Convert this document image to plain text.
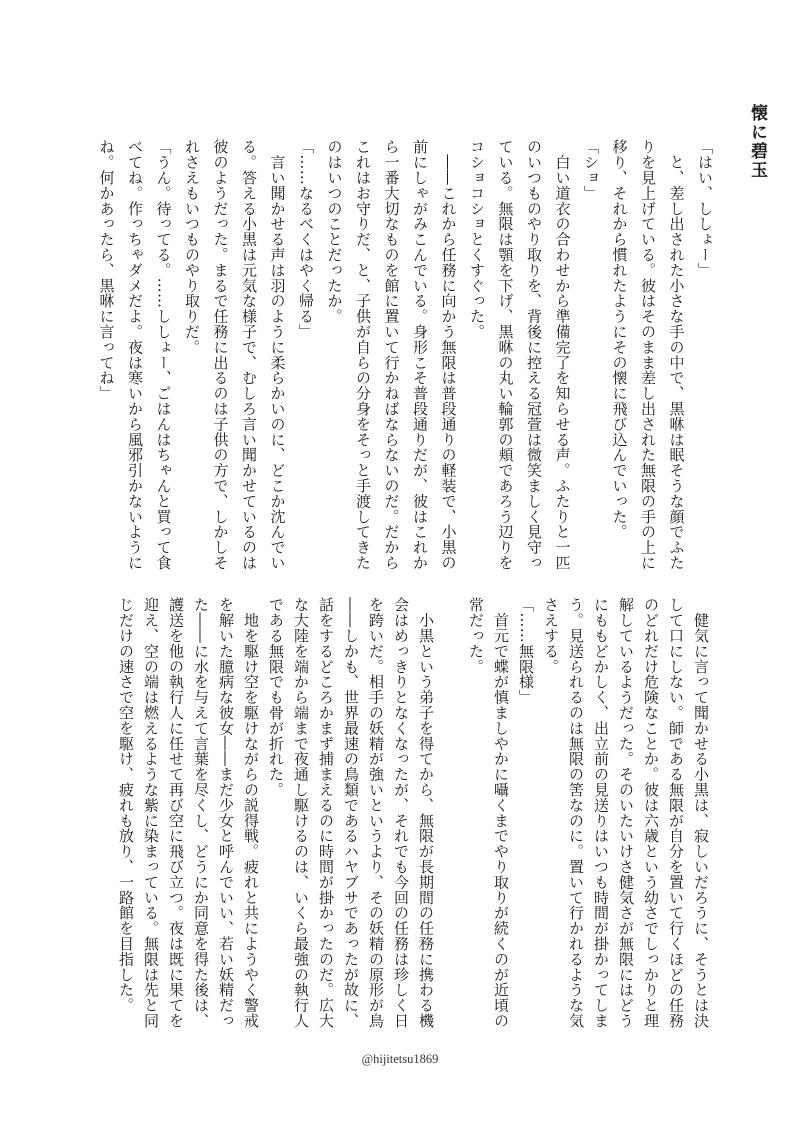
懐に碧玉
「はい、ししょー」
　と、差し出された小さな手の中で、黒咻は眠そうな顔でふた
りを見上げている。彼はそのまま差し出された無限の手の上に
移り、それから慣れたようにその懐に飛び込んでいった。
「ショ」
　白い道衣の合わせから準備完了を知らせる声。ふたりと一匹
のいつものやり取りを、背後に控える冠萱は微笑ましく見守っ
ている。無限は顎を下げ、黒咻の丸い輪郭の頬であろう辺りを
コショコショとくすぐった。
　――これから任務に向かう無限は普段通りの軽装で、小黒の
前にしゃがみこんでいる。身形こそ普段通りだが、彼はこれか
ら一番大切なものを館に置いて行かねばならないのだ。だから
これはお守りだ、と、子供が自らの分身をそっと手渡してきた
のはいつのことだったか。
「……なるべくはやく帰る」
　言い聞かせる声は羽のように柔らかいのに、どこか沈んでい
る。答える小黒は元気な様子で、むしろ言い聞かせているのは
彼のようだった。まるで任務に出るのは子供の方で、しかしそ
れさえもいつものやり取りだ。
「うん。待ってる。……ししょー、ごはんはちゃんと買って食
べてね。作っちゃダメだよ。夜は寒いから風邪引かないように
ね。何かあったら、黒咻に言ってね」
　健気に言って聞かせる小黒は、寂しいだろうに、そうとは決
して口にしない。師である無限が自分を置いて行くほどの任務
のどれだけ危険なことか。彼は六歳という幼さでしっかりと理
解しているようだった。そのいたいけさ健気さが無限にはどう
にももどかしく、出立前の見送りはいつも時間が掛かってしま
う。見送られるのは無限の筈なのに。置いて行かれるような気
さえする。
「……無限様」
　首元で蝶が慎ましやかに囁くまでやり取りが続くのが近頃の
常だった。
　小黒という弟子を得てから、無限が長期間の任務に携わる機
会はめっきりとなくなったが、それでも今回の任務は珍しく日
を跨いだ。相手の妖精が強いというより、その妖精の原形が鳥
――しかも、世界最速の鳥類であるハヤブサであったが故に、
話をするどころかまず捕まえるのに時間が掛かったのだ。広大
な大陸を端から端まで夜通し駆けるのは、いくら最強の執行人
である無限でも骨が折れた。
　地を駆け空を駆けながらの説得戦。疲れと共にようやく警戒
を解いた臆病な彼女――まだ少女と呼んでいい、若い妖精だっ
た――に水を与えて言葉を尽くし、どうにか同意を得た後は、
護送を他の執行人に任せて再び空に飛び立つ。夜は既に果てを
迎え、空の端は燃えるような紫に染まっている。無限は先と同
じだけの速さで空を駆け、疲れも放り、一路館を目指した。
@hijitetsu1869
